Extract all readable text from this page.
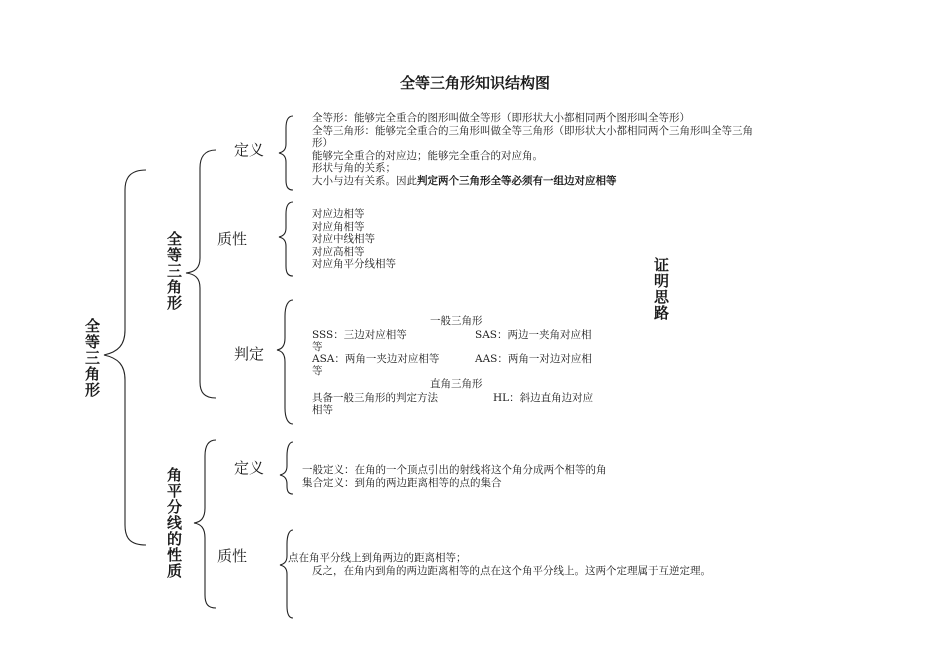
全等三角形知识结构图
全等三角形
全等三角形
角平分线的性质
证明思路
定义
质性
判定
定义
质性
全等形：能够完全重合的图形叫做全等形（即形状大小都相同两个图形叫全等形）
全等三角形：能够完全重合的三角形叫做全等三角形（即形状大小都相同两个三角形叫全等三角
形）
能够完全重合的对应边；能够完全重合的对应角。
形状与角的关系；
大小与边有关系。因此判定两个三角形全等必须有一组边对应相等
对应边相等
对应角相等
对应中线相等
对应高相等
对应角平分线相等
一般三角形
SSS：三边对应相等	SAS：两边一夹角对应相
等
ASA：两角一夹边对应相等	AAS：两角一对边对应相
等
直角三角形
具备一般三角形的判定方法	HL：斜边直角边对应
相等
一般定义：在角的一个顶点引出的射线将这个角分成两个相等的角
集合定义：到角的两边距离相等的点的集合
点在角平分线上到角两边的距离相等；
反之，在角内到角的两边距离相等的点在这个角平分线上。这两个定理属于互逆定理。
